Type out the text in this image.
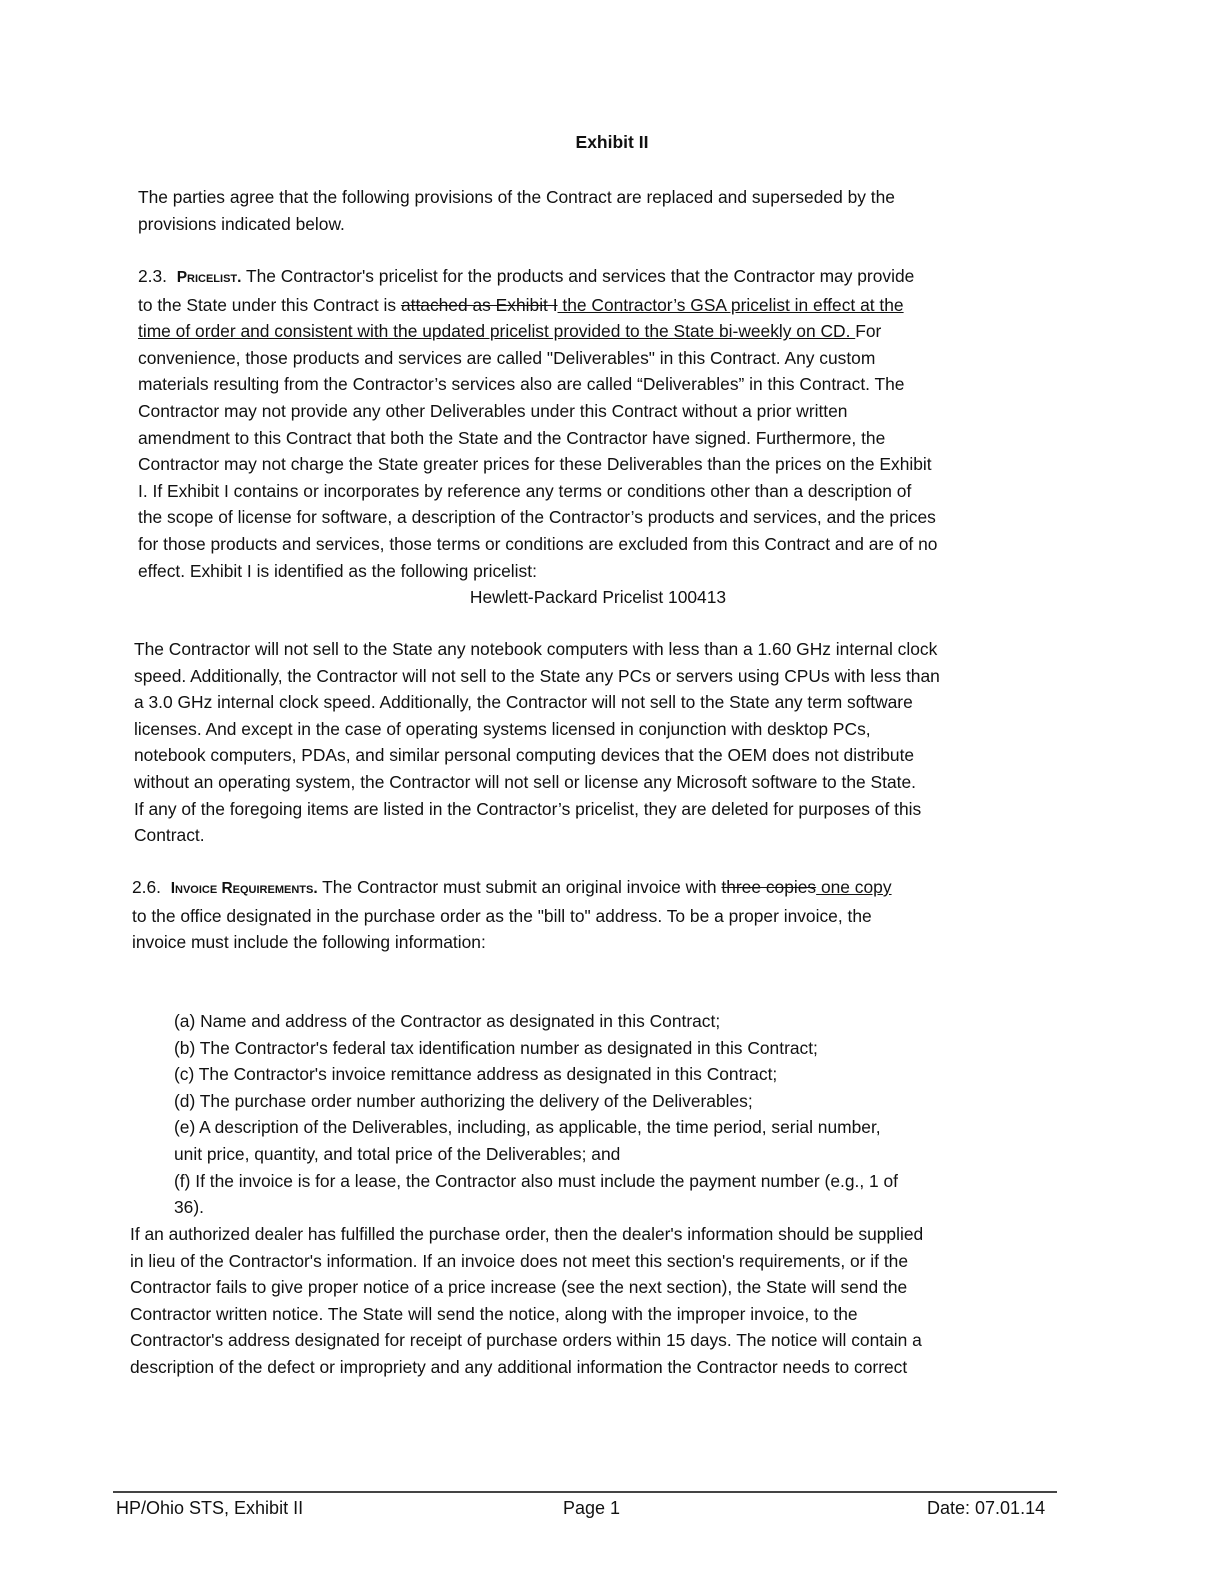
Exhibit II
The parties agree that the following provisions of the Contract are replaced and superseded by the
provisions indicated below.
2.3. Pricelist. The Contractor's pricelist for the products and services that the Contractor may provide
to the State under this Contract is attached as Exhibit I the Contractor’s GSA pricelist in effect at the
time of order and consistent with the updated pricelist provided to the State bi-weekly on CD. For
convenience, those products and services are called "Deliverables" in this Contract. Any custom
materials resulting from the Contractor’s services also are called “Deliverables” in this Contract. The
Contractor may not provide any other Deliverables under this Contract without a prior written
amendment to this Contract that both the State and the Contractor have signed. Furthermore, the
Contractor may not charge the State greater prices for these Deliverables than the prices on the Exhibit
I. If Exhibit I contains or incorporates by reference any terms or conditions other than a description of
the scope of license for software, a description of the Contractor’s products and services, and the prices
for those products and services, those terms or conditions are excluded from this Contract and are of no
effect. Exhibit I is identified as the following pricelist:
Hewlett-Packard Pricelist 100413
The Contractor will not sell to the State any notebook computers with less than a 1.60 GHz internal clock
speed. Additionally, the Contractor will not sell to the State any PCs or servers using CPUs with less than
a 3.0 GHz internal clock speed. Additionally, the Contractor will not sell to the State any term software
licenses. And except in the case of operating systems licensed in conjunction with desktop PCs,
notebook computers, PDAs, and similar personal computing devices that the OEM does not distribute
without an operating system, the Contractor will not sell or license any Microsoft software to the State.
If any of the foregoing items are listed in the Contractor’s pricelist, they are deleted for purposes of this
Contract.
2.6. Invoice Requirements. The Contractor must submit an original invoice with three copies one copy
to the office designated in the purchase order as the "bill to" address. To be a proper invoice, the
invoice must include the following information:
(a) Name and address of the Contractor as designated in this Contract;
(b) The Contractor's federal tax identification number as designated in this Contract;
(c) The Contractor's invoice remittance address as designated in this Contract;
(d) The purchase order number authorizing the delivery of the Deliverables;
(e) A description of the Deliverables, including, as applicable, the time period, serial number,
unit price, quantity, and total price of the Deliverables; and
(f) If the invoice is for a lease, the Contractor also must include the payment number (e.g., 1 of
36).
If an authorized dealer has fulfilled the purchase order, then the dealer's information should be supplied
in lieu of the Contractor's information. If an invoice does not meet this section's requirements, or if the
Contractor fails to give proper notice of a price increase (see the next section), the State will send the
Contractor written notice. The State will send the notice, along with the improper invoice, to the
Contractor's address designated for receipt of purchase orders within 15 days. The notice will contain a
description of the defect or impropriety and any additional information the Contractor needs to correct
HP/Ohio STS, Exhibit II	Page 1	Date: 07.01.14
